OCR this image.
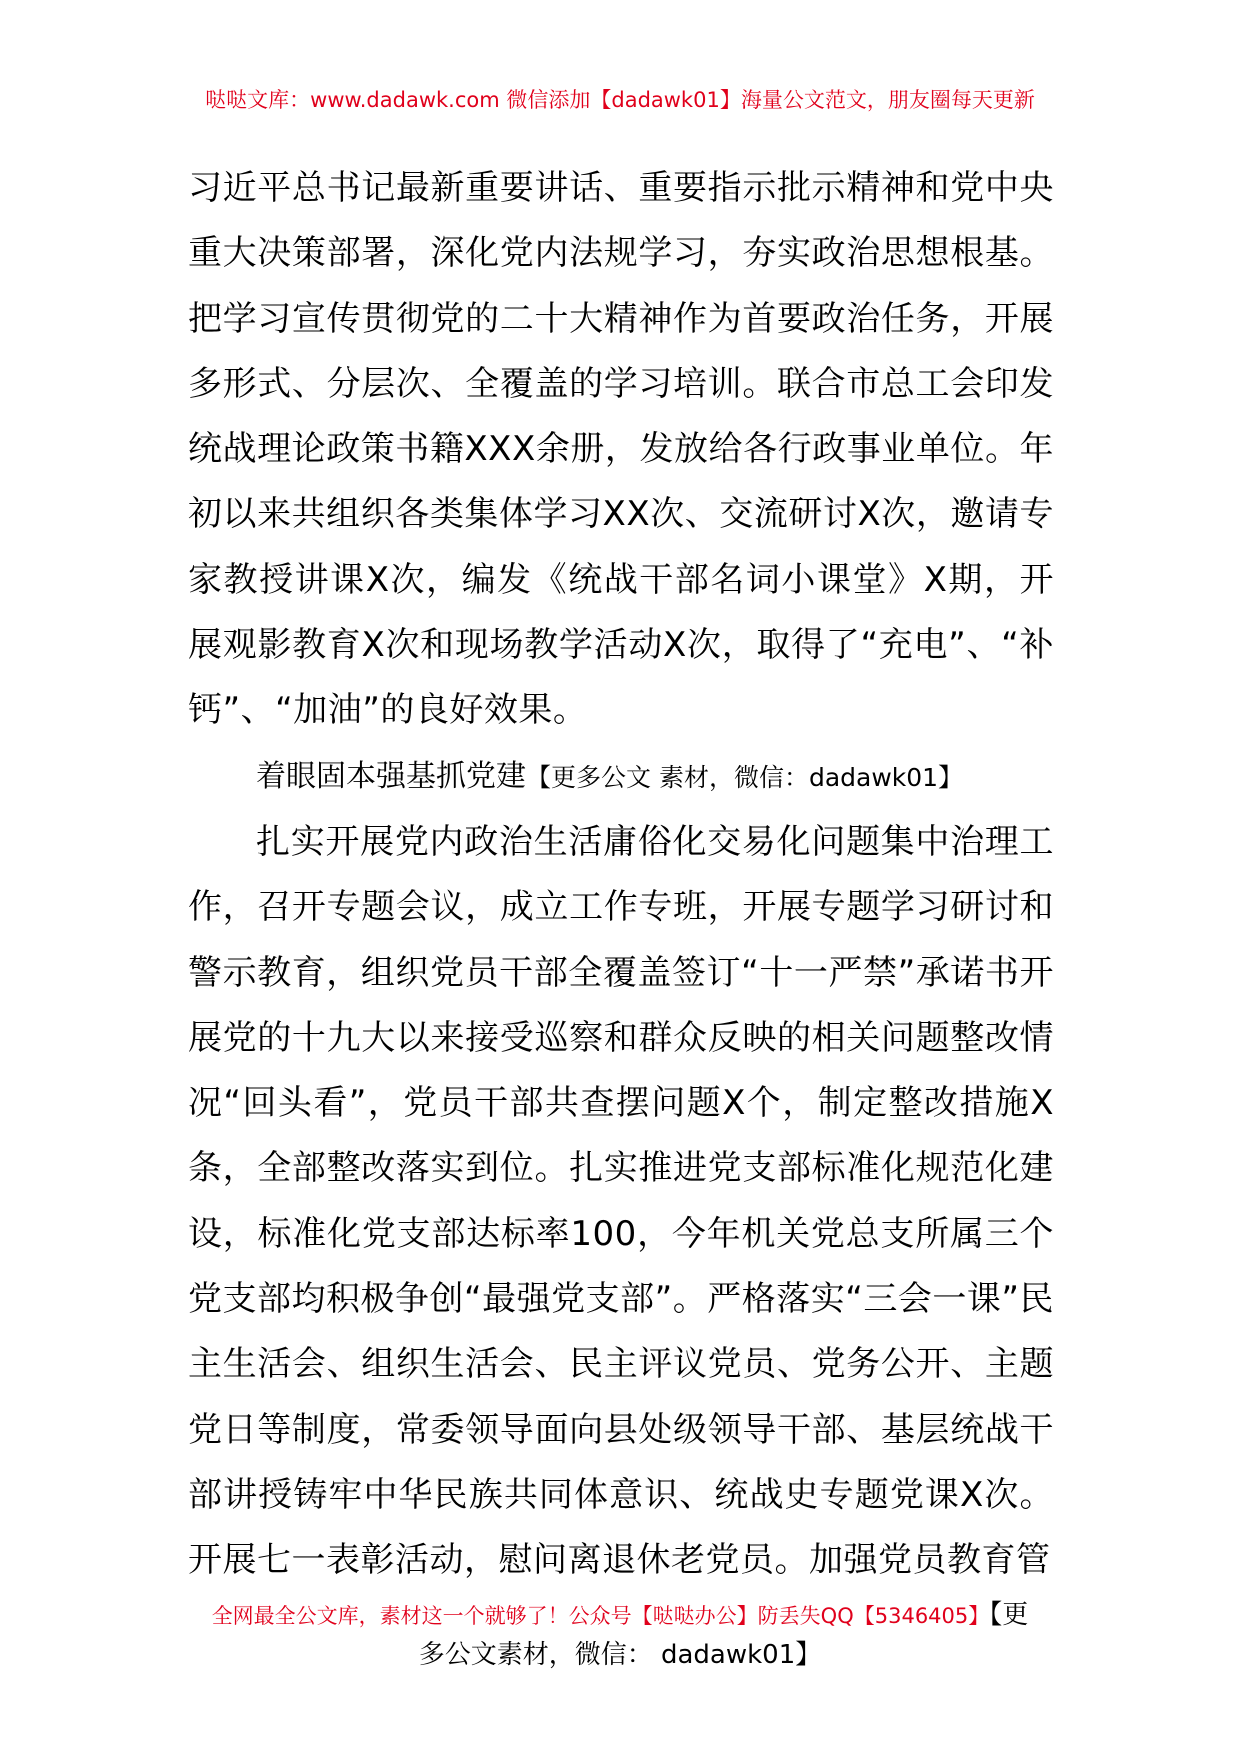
哒哒文库：www.dadawk.com 微信添加【dadawk01】海量公文范文，朋友圈每天更新

习近平总书记最新重要讲话、重要指示批示精神和党中央重大决策部署，深化党内法规学习，夯实政治思想根基。把学习宣传贯彻党的二十大精神作为首要政治任务，开展多形式、分层次、全覆盖的学习培训。联合市总工会印发统战理论政策书籍XXX余册，发放给各行政事业单位。年初以来共组织各类集体学习XX次、交流研讨X次，邀请专家教授讲课X次，编发《统战干部名词小课堂》X期，开展观影教育X次和现场教学活动X次，取得了“充电”、“补钙”、“加油”的良好效果。

着眼固本强基抓党建【更多公文 素材，微信：dadawk01】

扎实开展党内政治生活庸俗化交易化问题集中治理工作，召开专题会议，成立工作专班，开展专题学习研讨和警示教育，组织党员干部全覆盖签订“十一严禁”承诺书开展党的十九大以来接受巡察和群众反映的相关问题整改情况“回头看”，党员干部共查摆问题X个，制定整改措施X条，全部整改落实到位。扎实推进党支部标准化规范化建设，标准化党支部达标率100，今年机关党总支所属三个党支部均积极争创“最强党支部”。严格落实“三会一课”民主生活会、组织生活会、民主评议党员、党务公开、主题党日等制度，常委领导面向县处级领导干部、基层统战干部讲授铸牢中华民族共同体意识、统战史专题党课X次。开展七一表彰活动，慰问离退休老党员。加强党员教育管

全网最全公文库，素材这一个就够了！公众号【哒哒办公】防丢失QQ【5346405】【更
多公文素材，微信： dadawk01】
